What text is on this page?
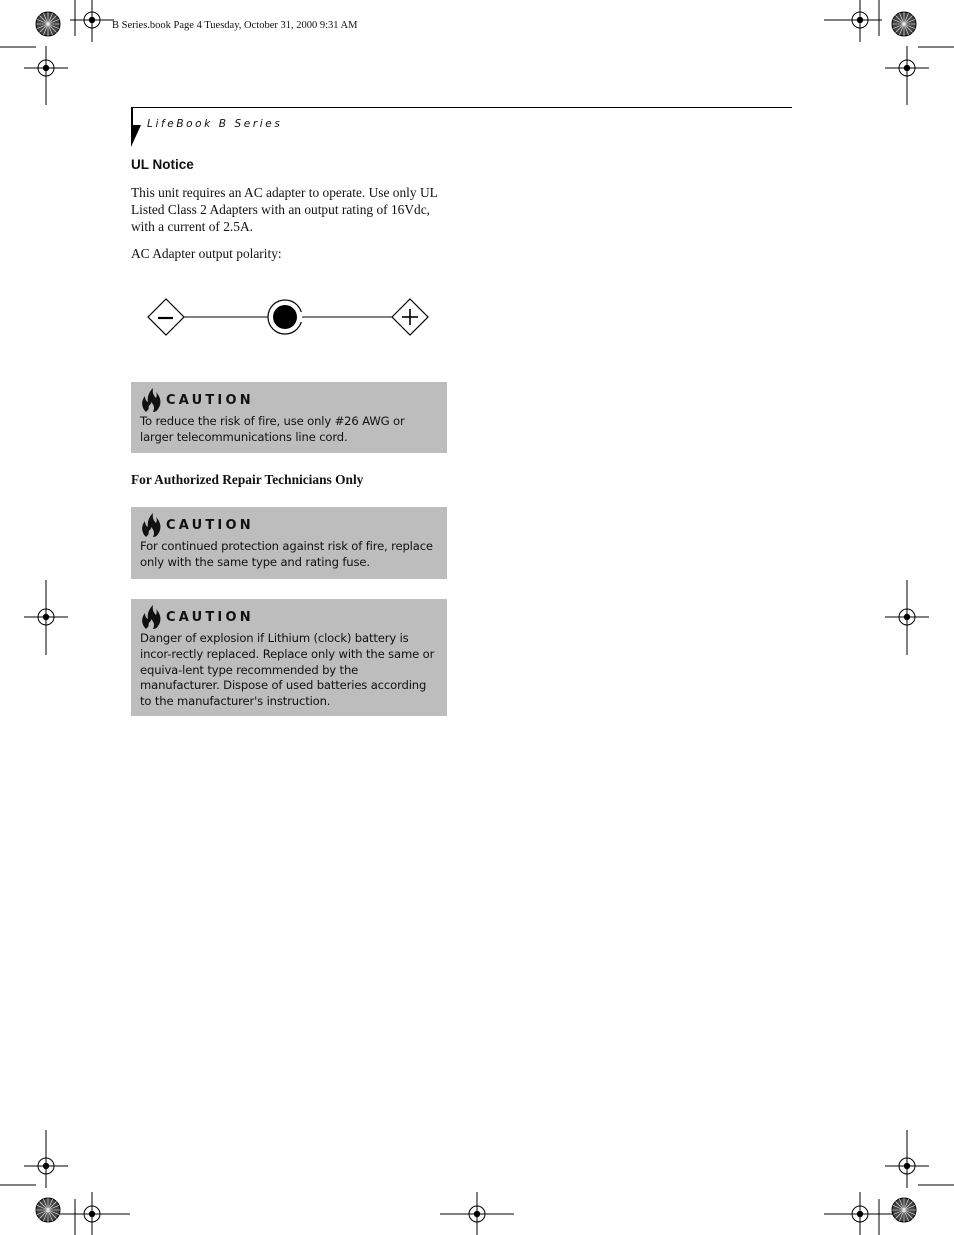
B Series.book Page 4 Tuesday, October 31, 2000 9:31 AM
LifeBook B Series
UL Notice

This unit requires an AC adapter to operate. Use only UL Listed Class 2 Adapters with an output rating of 16Vdc, with a current of 2.5A.

AC Adapter output polarity:

CAUTION

To reduce the risk of fire, use only #26 AWG or larger telecommunications line cord.

For Authorized Repair Technicians Only
CAUTION

For continued protection against risk of fire, replace only with the same type and rating fuse.

CAUTION

Danger of explosion if Lithium (clock) battery is incor-rectly replaced. Replace only with the same or equiva-lent type recommended by the manufacturer. Dispose of used batteries according to the manufacturer's instruction.
